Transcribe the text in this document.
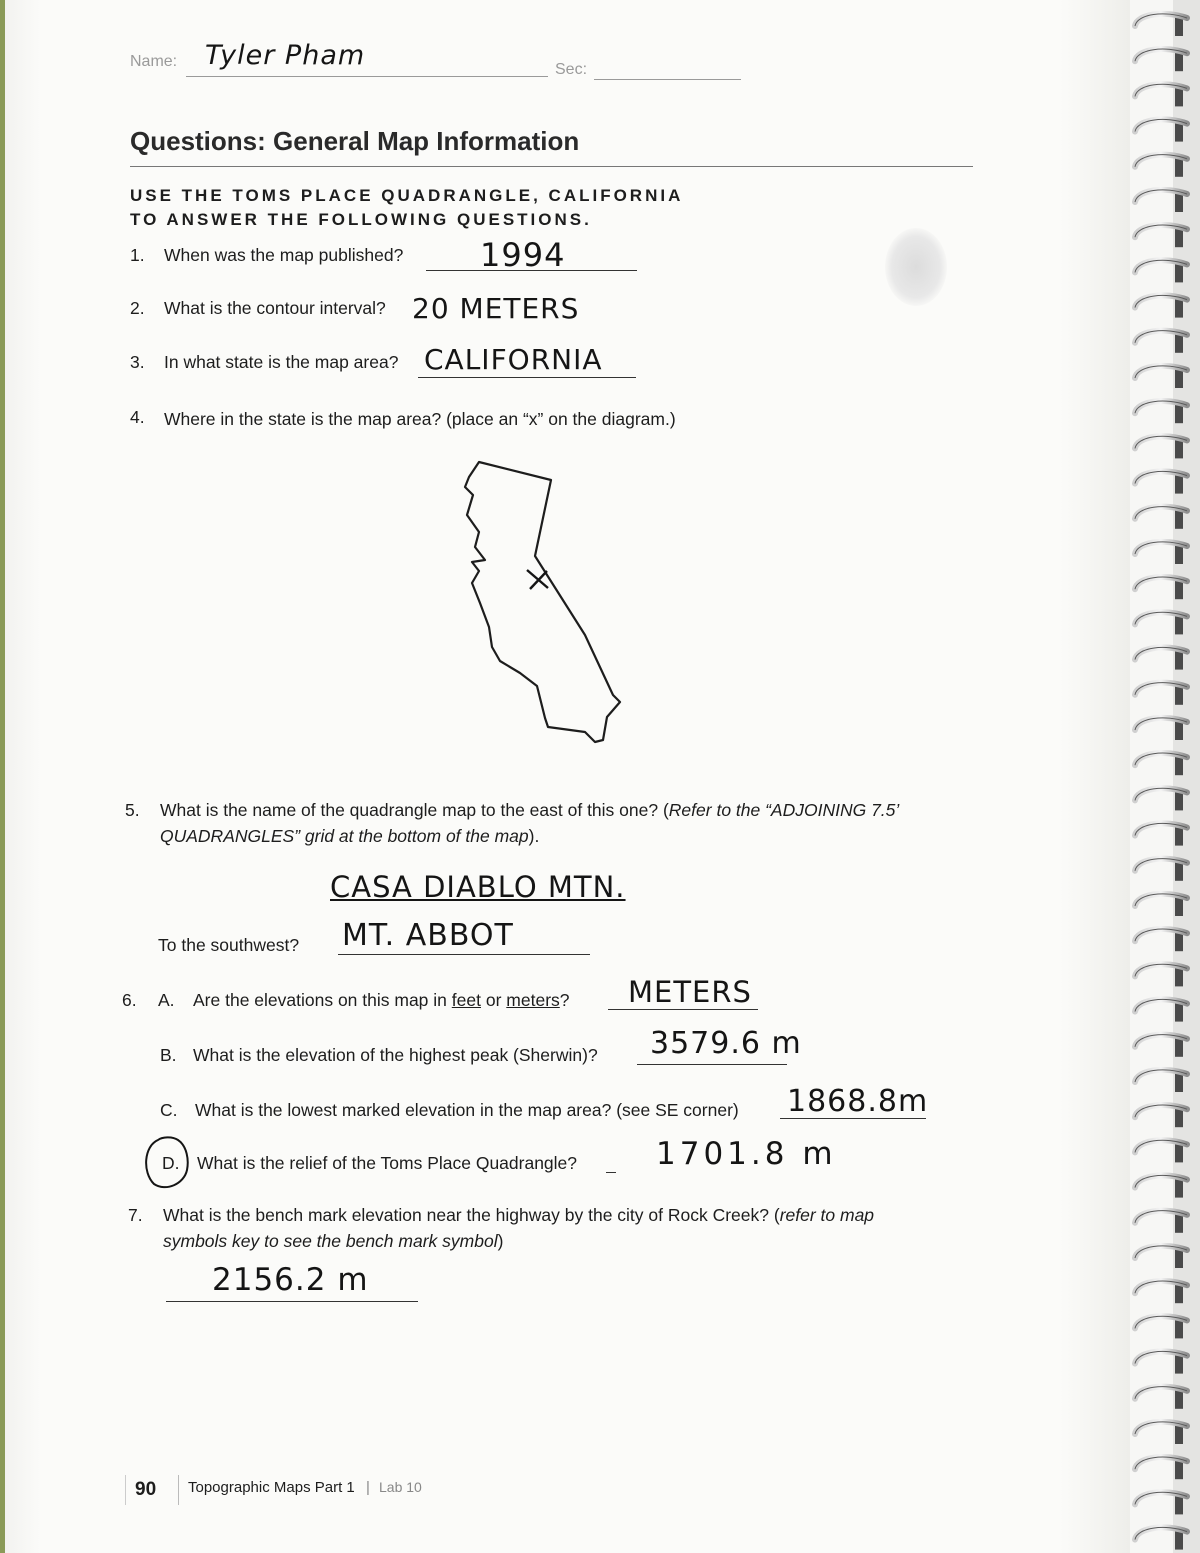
Name: Tyler Pham	Sec:
Questions: General Map Information
USE THE TOMS PLACE QUADRANGLE, CALIFORNIA
TO ANSWER THE FOLLOWING QUESTIONS.
1. When was the map published? 1994
2. What is the contour interval? 20 METERS
3. In what state is the map area? CALIFORNIA
4. Where in the state is the map area? (place an “x” on the diagram.)
5. What is the name of the quadrangle map to the east of this one? (Refer to the “ADJOINING 7.5’
QUADRANGLES” grid at the bottom of the map).
CASA DIABLO MTN.
To the southwest? MT. ABBOT
6. A. Are the elevations on this map in feet or meters? METERS
B. What is the elevation of the highest peak (Sherwin)? 3579.6 m
C. What is the lowest marked elevation in the map area? (see SE corner) 1868.8m
D. What is the relief of the Toms Place Quadrangle?	1701.8 m
7. What is the bench mark elevation near the highway by the city of Rock Creek? (refer to map
symbols key to see the bench mark symbol)
2156.2 m
90 Topographic Maps Part 1 | Lab 10
